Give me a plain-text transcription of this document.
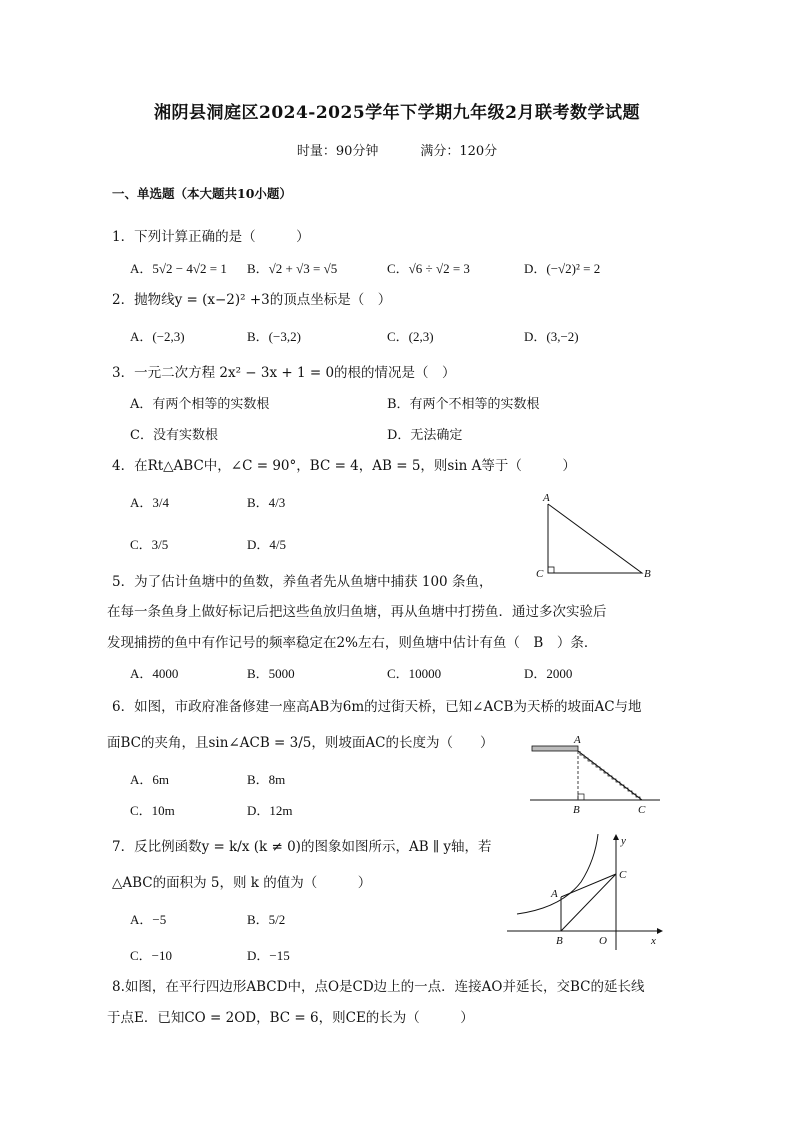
湘阴县洞庭区2024-2025学年下学期九年级2月联考数学试题
时量：90分钟	满分：120分
一、单选题（本大题共10小题）
1．下列计算正确的是（　　　）
A．5√2 − 4√2 = 1 B．√2 + √3 = √5	C．√6 ÷ √2 = 3	D．(−√2)² = 2
2．抛物线y = (x−2)² +3的顶点坐标是（　）
A．(−2,3)	B．(−3,2)	C．(2,3)	D．(3,−2)
3．一元二次方程 2x² − 3x + 1 = 0的根的情况是（　）
A．有两个相等的实数根	B．有两个不相等的实数根
C．没有实数根	D．无法确定
4．在Rt△ABC中，∠C = 90°，BC = 4，AB = 5，则sin A等于（　　　）
A．3/4	B．4/3
C．3/5	D．4/5
A
B
C
5．为了估计鱼塘中的鱼数，养鱼者先从鱼塘中捕获 100 条鱼，
在每一条鱼身上做好标记后把这些鱼放归鱼塘，再从鱼塘中打捞鱼．通过多次实验后
发现捕捞的鱼中有作记号的频率稳定在2%左右，则鱼塘中估计有鱼（　B　）条．
A．4000	B．5000	C．10000	D．2000
6．如图，市政府准备修建一座高AB为6m的过街天桥，已知∠ACB为天桥的坡面AC与地
面BC的夹角，且sin∠ACB = 3/5，则坡面AC的长度为（　　）
A．6m	B．8m
C．10m	D．12m
A
B	C
7．反比例函数y = k/x (k ≠ 0)的图象如图所示，AB ∥ y轴，若
△ABC的面积为 5，则 k 的值为（　　　）
A．−5	B．5/2
C．−10	D．−15
A
B
C
O	x
y
8.如图，在平行四边形ABCD中，点O是CD边上的一点．连接AO并延长，交BC的延长线
于点E．已知CO = 2OD，BC = 6，则CE的长为（　　　）
